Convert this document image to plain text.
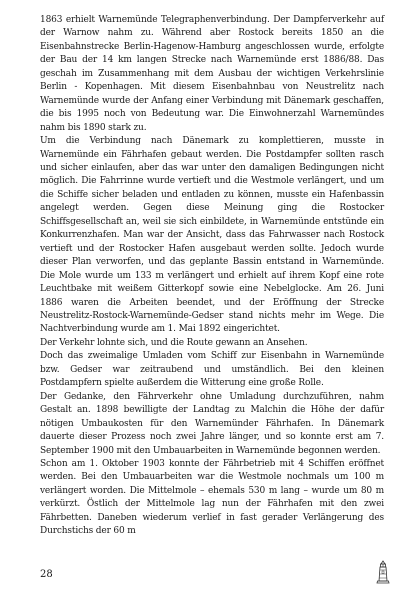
1863 erhielt Warnemünde Telegraphenverbindung. Der Dampferverkehr auf der Warnow nahm zu. Während aber Rostock bereits 1850 an die Eisenbahnstrecke Berlin-Hagenow-Hamburg angeschlossen wurde, erfolgte der Bau der 14 km langen Strecke nach Warnemünde erst 1886/88. Das geschah im Zusammenhang mit dem Ausbau der wichtigen Verkehrslinie Berlin - Kopenhagen. Mit diesem Eisenbahnbau von Neustrelitz nach Warnemünde wurde der Anfang einer Verbindung mit Dänemark geschaffen, die bis 1995 noch von Bedeutung war. Die Einwohnerzahl Warnemündes nahm bis 1890 stark zu.

Um die Verbindung nach Dänemark zu komplettieren, musste in Warnemünde ein Fährhafen gebaut werden. Die Postdampfer sollten rasch und sicher einlaufen, aber das war unter den damaligen Bedingungen nicht möglich. Die Fahrrinne wurde vertieft und die Westmole verlängert, und um die Schiffe sicher beladen und entladen zu können, musste ein Hafenbassin angelegt werden. Gegen diese Meinung ging die Rostocker Schiffsgesellschaft an, weil sie sich einbildete, in Warnemünde entstünde ein Konkurrenzhafen. Man war der Ansicht, dass das Fahrwasser nach Rostock vertieft und der Rostocker Hafen ausgebaut werden sollte. Jedoch wurde dieser Plan verworfen, und das geplante Bassin entstand in Warnemünde. Die Mole wurde um 133 m verlängert und erhielt auf ihrem Kopf eine rote Leuchtbake mit weißem Gitterkopf sowie eine Nebelglocke. Am 26. Juni 1886 waren die Arbeiten beendet, und der Eröffnung der Strecke Neustrelitz-Rostock-Warnemünde-Gedser stand nichts mehr im Wege. Die Nachtverbindung wurde am 1. Mai 1892 eingerichtet.

Der Verkehr lohnte sich, und die Route gewann an Ansehen.

Doch das zweimalige Umladen vom Schiff zur Eisenbahn in Warnemünde bzw. Gedser war zeitraubend und umständlich. Bei den kleinen Postdampfern spielte außerdem die Witterung eine große Rolle.

Der Gedanke, den Fährverkehr ohne Umladung durchzuführen, nahm Gestalt an. 1898 bewilligte der Landtag zu Malchin die Höhe der dafür nötigen Umbaukosten für den Warnemünder Fährhafen. In Dänemark dauerte dieser Prozess noch zwei Jahre länger, und so konnte erst am 7. September 1900 mit den Umbauarbeiten in Warnemünde begonnen werden.

Schon am 1. Oktober 1903 konnte der Fährbetrieb mit 4 Schiffen eröffnet werden. Bei den Umbauarbeiten war die Westmole nochmals um 100 m verlängert worden. Die Mittelmole – ehemals 530 m lang – wurde um 80 m verkürzt. Östlich der Mittelmole lag nun der Fährhafen mit den zwei Fährbetten. Daneben wiederum verlief in fast gerader Verlängerung des Durchstichs der 60 m

28
